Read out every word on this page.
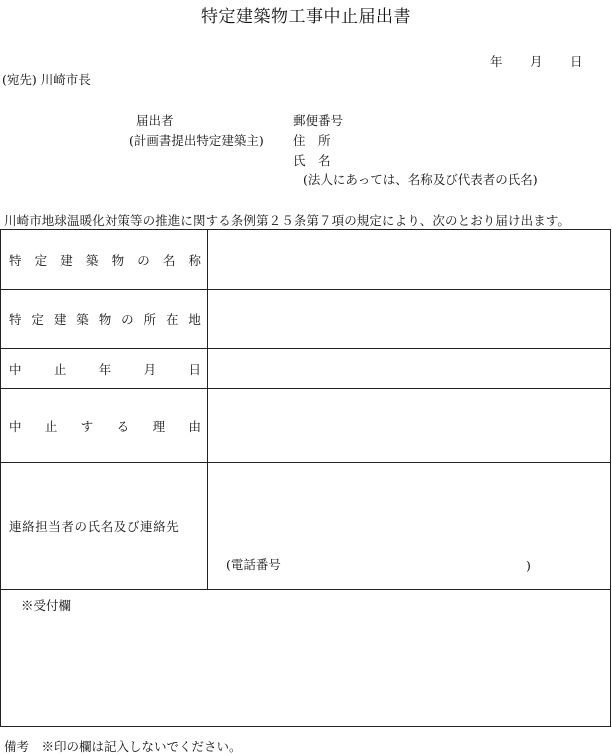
特定建築物工事中止届出書
年 月 日
(宛先) 川崎市長
届出者
(計画書提出特定建築主)
郵便番号
住　所
氏　名
(法人にあっては、名称及び代表者の氏名)
川崎市地球温暖化対策等の推進に関する条例第２５条第７項の規定により、次のとおり届け出ます。
特 定 建 築 物 の 名 称
特 定 建 築 物 の 所 在 地
中	止	年	月	日
中 止 す る 理 由
連絡担当者の氏名及び連絡先
(電話番号	)
※受付欄
備考　※印の欄は記入しないでください。
